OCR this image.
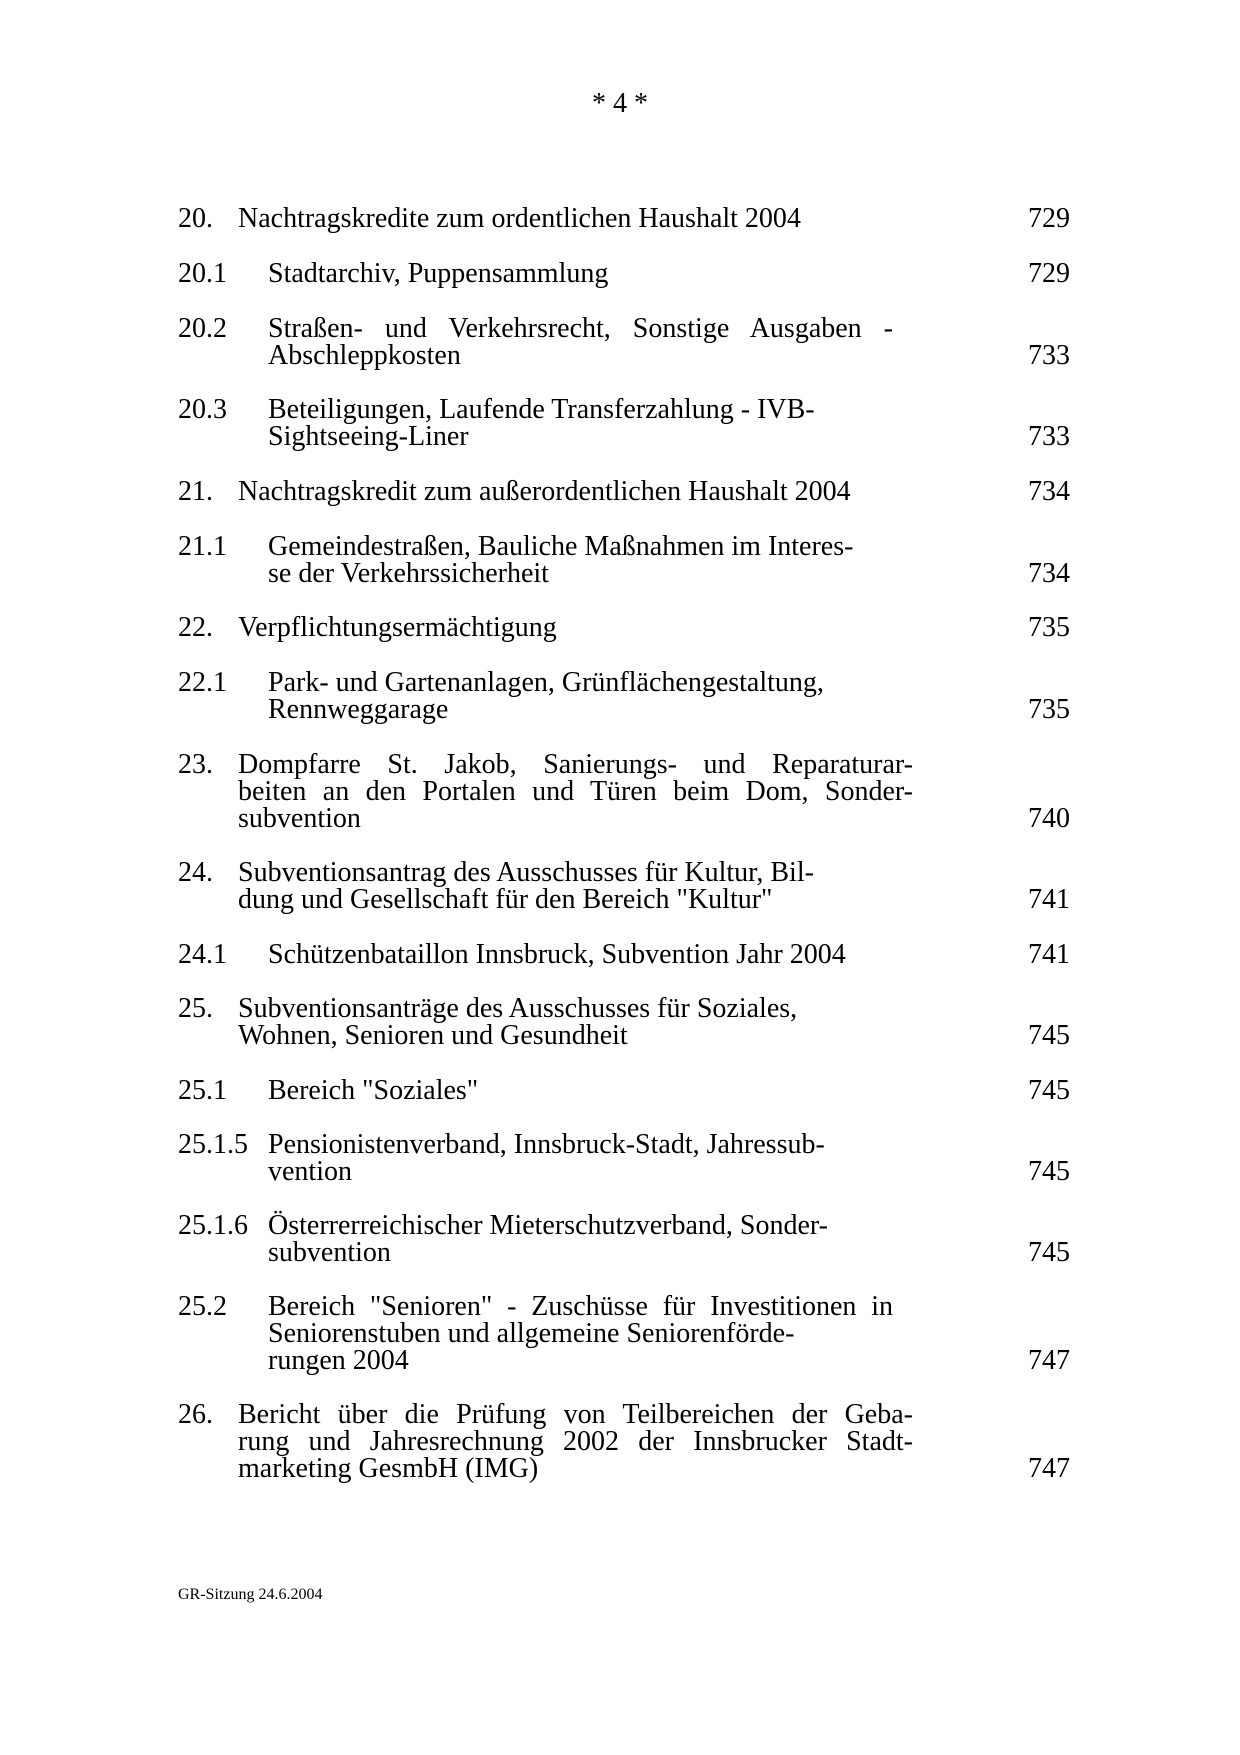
* 4 *
20. Nachtragskredite zum ordentlichen Haushalt 2004	729
20.1 Stadtarchiv, Puppensammlung	729
20.2 Straßen- und Verkehrsrecht, Sonstige Ausgaben -
Abschleppkosten	733
20.3 Beteiligungen, Laufende Transferzahlung - IVB-
Sightseeing-Liner	733
21. Nachtragskredit zum außerordentlichen Haushalt 2004	734
21.1 Gemeindestraßen, Bauliche Maßnahmen im Interes-
se der Verkehrssicherheit	734
22. Verpflichtungsermächtigung	735
22.1 Park- und Gartenanlagen, Grünflächengestaltung,
Rennweggarage	735
23. Dompfarre St. Jakob, Sanierungs- und Reparaturar-
beiten an den Portalen und Türen beim Dom, Sonder-
subvention	740
24. Subventionsantrag des Ausschusses für Kultur, Bil-
dung und Gesellschaft für den Bereich "Kultur"	741
24.1 Schützenbataillon Innsbruck, Subvention Jahr 2004	741
25. Subventionsanträge des Ausschusses für Soziales,
Wohnen, Senioren und Gesundheit	745
25.1 Bereich "Soziales"	745
25.1.5 Pensionistenverband, Innsbruck-Stadt, Jahressub-
vention	745
25.1.6 Österrerreichischer Mieterschutzverband, Sonder-
subvention	745
25.2 Bereich "Senioren" - Zuschüsse für Investitionen in
Seniorenstuben und allgemeine Seniorenförde-
rungen 2004	747
26. Bericht über die Prüfung von Teilbereichen der Geba-
rung und Jahresrechnung 2002 der Innsbrucker Stadt-
marketing GesmbH (IMG)	747
GR-Sitzung 24.6.2004
